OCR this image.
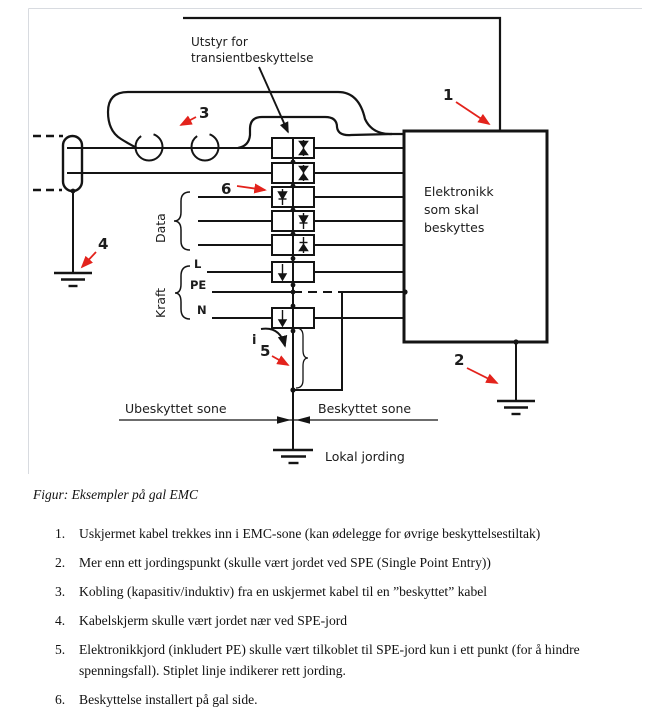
Ubeskyttet sone	Beskyttet sone
Lokal jording
Elektronikk
som skal
beskyttes
Utstyr for
transientbeskyttelse
Data
Kraft
L
PE
N
i
1
2
3
4
5
6
Figur: Eksempler på gal EMC
1.	Uskjermet kabel trekkes inn i EMC-sone (kan ødelegge for øvrige beskyttelsestiltak)
2.	Mer enn ett jordingspunkt (skulle vært jordet ved SPE (Single Point Entry))
3.	Kobling (kapasitiv/induktiv) fra en uskjermet kabel til en ”beskyttet” kabel
4.	Kabelskjerm skulle vært jordet nær ved SPE-jord
5.	Elektronikkjord (inkludert PE) skulle vært tilkoblet til SPE-jord kun i ett punkt (for å hindre spenningsfall). Stiplet linje indikerer rett jording.
6.	Beskyttelse installert på gal side.
